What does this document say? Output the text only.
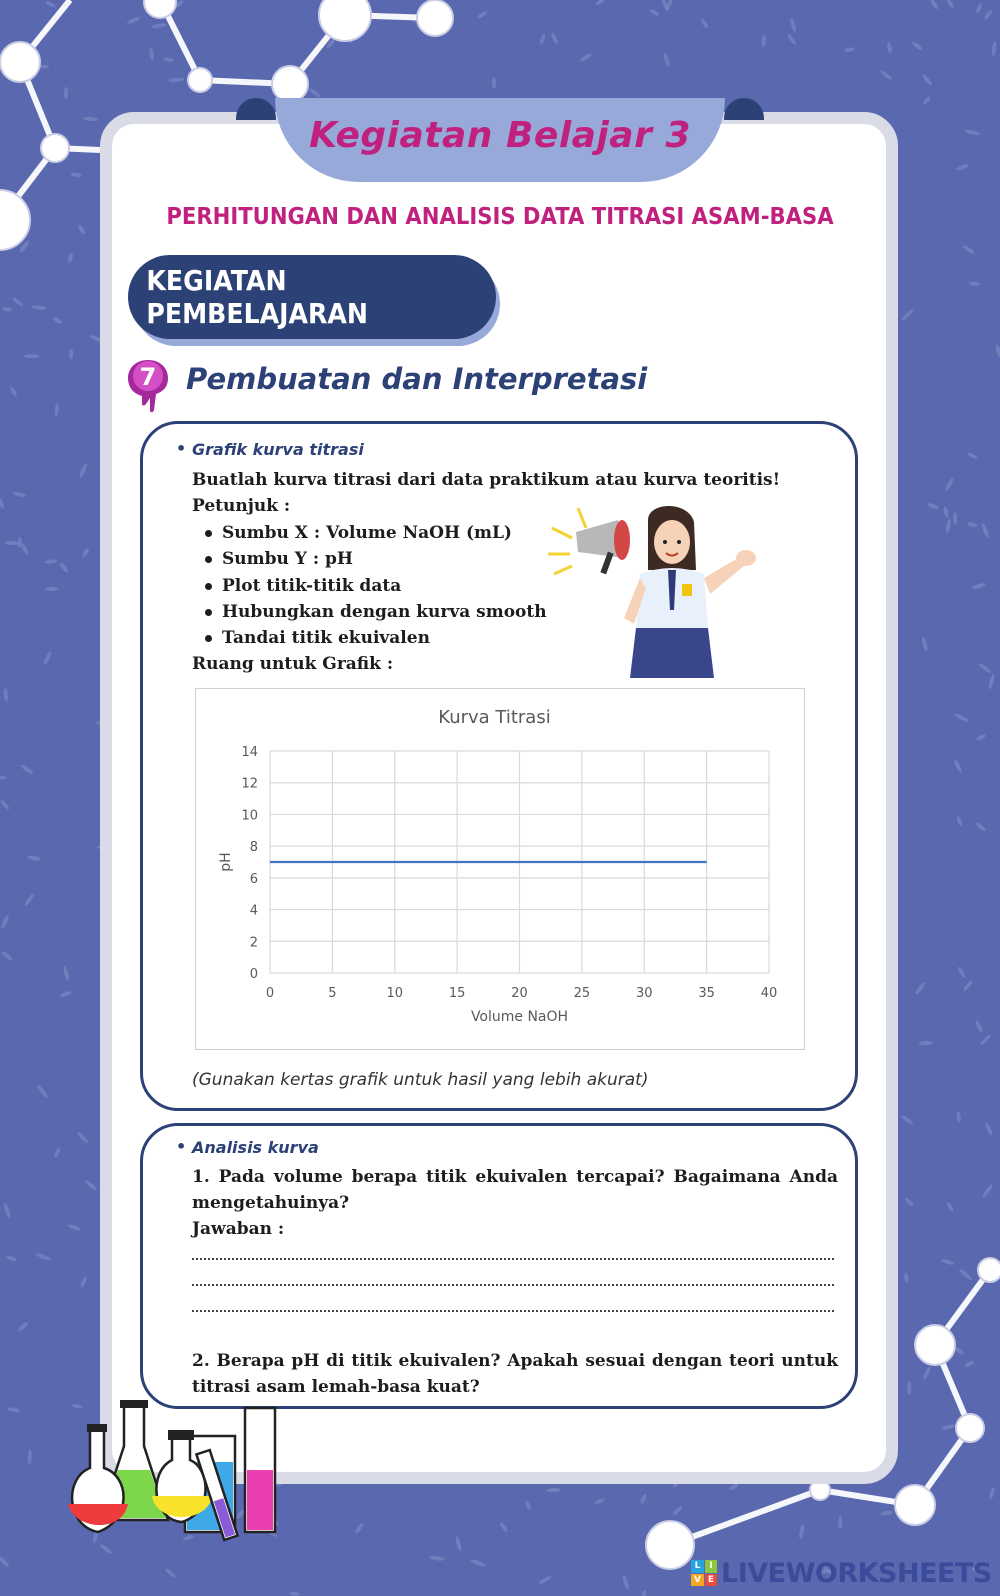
Kegiatan Belajar 3
PERHITUNGAN DAN ANALISIS DATA TITRASI ASAM-BASA
KEGIATAN PEMBELAJARAN
7 Pembuatan dan Interpretasi
• Grafik kurva titrasi
Buatlah kurva titrasi dari data praktikum atau kurva teoritis!
Petunjuk :
Sumbu X : Volume NaOH (mL)
Sumbu Y : pH
Plot titik-titik data
Hubungkan dengan kurva smooth
Tandai titik ekuivalen
Ruang untuk Grafik :
Kurva Titrasi
0	5	10	15	20	25	30	35	40
0
2
4
6
8
10
12
14
Volume NaOH
pH
(Gunakan kertas grafik untuk hasil yang lebih akurat)
• Analisis kurva
1. Pada volume berapa titik ekuivalen tercapai? Bagaimana Anda mengetahuinya?
Jawaban :
2. Berapa pH di titik ekuivalen? Apakah sesuai dengan teori untuk titrasi asam lemah-basa kuat?
L	I
V E LIVEWORKSHEETS
